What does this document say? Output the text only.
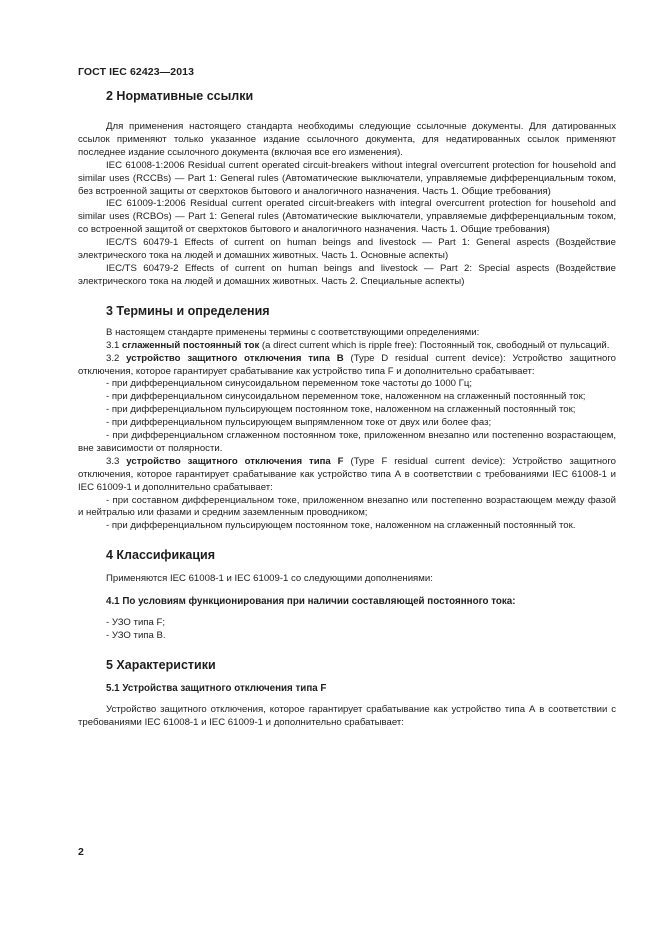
ГОСТ IEC 62423—2013
2 Нормативные ссылки

Для применения настоящего стандарта необходимы следующие ссылочные документы. Для датированных ссылок применяют только указанное издание ссылочного документа, для недатированных ссылок применяют последнее издание ссылочного документа (включая все его изменения).

IEC 61008-1:2006 Residual current operated circuit-breakers without integral overcurrent protection for household and similar uses (RCCBs) — Part 1: General rules (Автоматические выключатели, управляемые дифференциальным током, без встроенной защиты от сверхтоков бытового и аналогичного назначения. Часть 1. Общие требования)

IEC 61009-1:2006 Residual current operated circuit-breakers with integral overcurrent protection for household and similar uses (RCBOs) — Part 1: General rules (Автоматические выключатели, управляемые дифференциальным током, со встроенной защитой от сверхтоков бытового и аналогичного назначения. Часть 1. Общие требования)

IEC/TS 60479-1 Effects of current on human beings and livestock — Part 1: General aspects (Воздействие электрического тока на людей и домашних животных. Часть 1. Основные аспекты)

IEC/TS 60479-2 Effects of current on human beings and livestock — Part 2: Special aspects (Воздействие электрического тока на людей и домашних животных. Часть 2. Специальные аспекты)

3 Термины и определения

В настоящем стандарте применены термины с соответствующими определениями:

3.1 сглаженный постоянный ток (a direct current which is ripple free): Постоянный ток, свободный от пульсаций.

3.2 устройство защитного отключения типа B (Type D residual current device): Устройство защитного отключения, которое гарантирует срабатывание как устройство типа F и дополнительно срабатывает:

- при дифференциальном синусоидальном переменном токе частоты до 1000 Гц;

- при дифференциальном синусоидальном переменном токе, наложенном на сглаженный постоянный ток;

- при дифференциальном пульсирующем постоянном токе, наложенном на сглаженный постоянный ток;

- при дифференциальном пульсирующем выпрямленном токе от двух или более фаз;

- при дифференциальном сглаженном постоянном токе, приложенном внезапно или постепенно возрастающем, вне зависимости от полярности.

3.3 устройство защитного отключения типа F (Type F residual current device): Устройство защитного отключения, которое гарантирует срабатывание как устройство типа А в соответствии с требованиями IEC 61008-1 и IEC 61009-1 и дополнительно срабатывает:

- при составном дифференциальном токе, приложенном внезапно или постепенно возрастающем между фазой и нейтралью или фазами и средним заземленным проводником;

- при дифференциальном пульсирующем постоянном токе, наложенном на сглаженный постоянный ток.

4 Классификация

Применяются IEC 61008-1 и IEC 61009-1 со следующими дополнениями:

4.1 По условиям функционирования при наличии составляющей постоянного тока:

- УЗО типа F;

- УЗО типа B.

5 Характеристики
5.1 Устройства защитного отключения типа F

Устройство защитного отключения, которое гарантирует срабатывание как устройство типа А в соответствии с требованиями IEC 61008-1 и IEC 61009-1 и дополнительно срабатывает:

2
